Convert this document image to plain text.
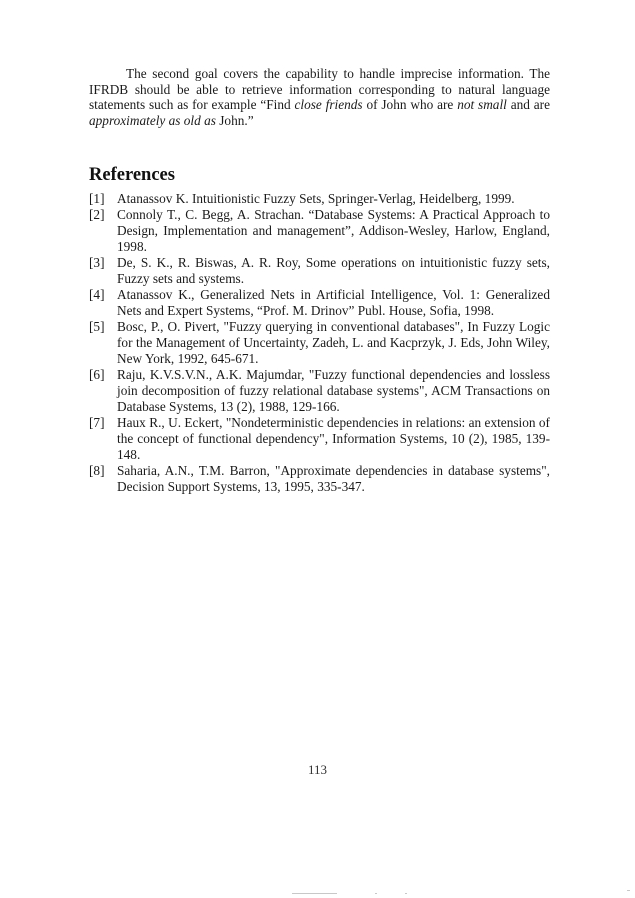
The second goal covers the capability to handle imprecise information. The IFRDB should be able to retrieve information corresponding to natural language statements such as for example “Find close friends of John who are not small and are approximately as old as John.”

References
[1] Atanassov K. Intuitionistic Fuzzy Sets, Springer-Verlag, Heidelberg, 1999.
[2] Connoly T., C. Begg, A. Strachan. “Database Systems: A Practical Approach to Design, Implementation and management”, Addison-Wesley, Harlow, England, 1998.
[3] De, S. K., R. Biswas, A. R. Roy, Some operations on intuitionistic fuzzy sets, Fuzzy sets and systems.
[4] Atanassov K., Generalized Nets in Artificial Intelligence, Vol. 1: Generalized Nets and Expert Systems, “Prof. M. Drinov” Publ. House, Sofia, 1998.
[5] Bosc, P., O. Pivert, "Fuzzy querying in conventional databases", In Fuzzy Logic for the Management of Uncertainty, Zadeh, L. and Kacprzyk, J. Eds, John Wiley, New York, 1992, 645-671.
[6] Raju, K.V.S.V.N., A.K. Majumdar, "Fuzzy functional dependencies and lossless join decomposition of fuzzy relational database systems", ACM Transactions on Database Systems, 13 (2), 1988, 129-166.
[7] Haux R., U. Eckert, "Nondeterministic dependencies in relations: an extension of the concept of functional dependency", Information Systems, 10 (2), 1985, 139-148.
[8] Saharia, A.N., T.M. Barron, "Approximate dependencies in database systems", Decision Support Systems, 13, 1995, 335-347.
113
